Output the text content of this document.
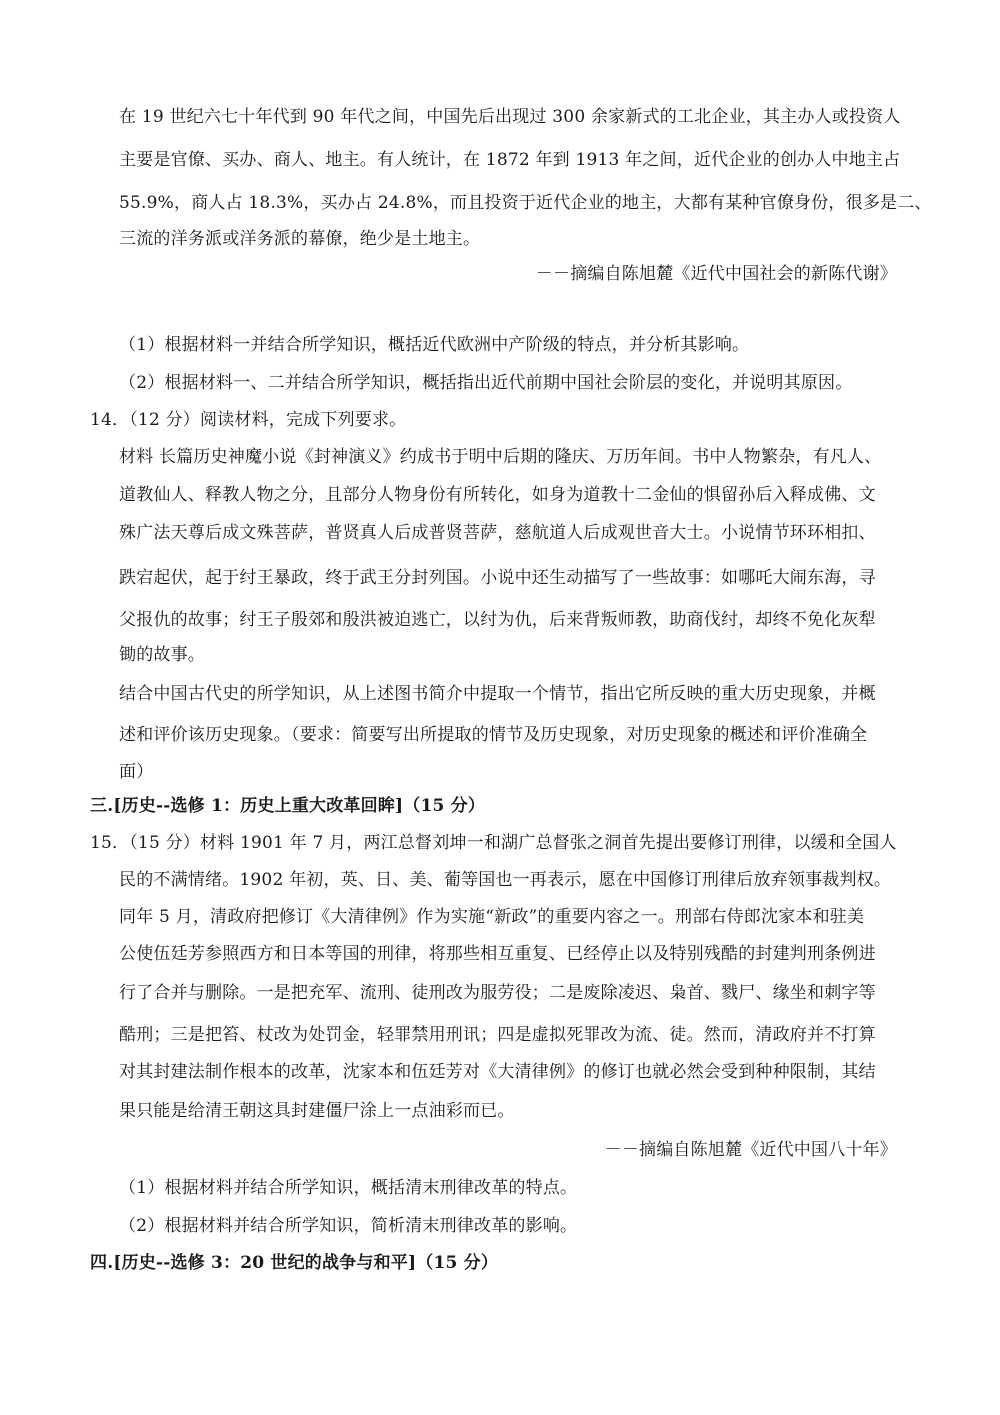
在 19 世纪六七十年代到 90 年代之间，中国先后出现过 300 余家新式的工北企业，其主办人或投资人
主要是官僚、买办、商人、地主。有人统计，在 1872 年到 1913 年之间，近代企业的创办人中地主占
55.9%，商人占 18.3%，买办占 24.8%，而且投资于近代企业的地主，大都有某种官僚身份，很多是二、
三流的洋务派或洋务派的幕僚，绝少是土地主。
－－摘编自陈旭麓《近代中国社会的新陈代谢》
（1）根据材料一并结合所学知识，概括近代欧洲中产阶级的特点，并分析其影响。
（2）根据材料一、二并结合所学知识，概括指出近代前期中国社会阶层的变化，并说明其原因。
14．（12 分）阅读材料，完成下列要求。
材料 长篇历史神魔小说《封神演义》约成书于明中后期的隆庆、万历年间。书中人物繁杂，有凡人、
道教仙人、释教人物之分，且部分人物身份有所转化，如身为道教十二金仙的惧留孙后入释成佛、文
殊广法天尊后成文殊菩萨，普贤真人后成普贤菩萨，慈航道人后成观世音大士。小说情节环环相扣、
跌宕起伏，起于纣王暴政，终于武王分封列国。小说中还生动描写了一些故事：如哪吒大闹东海，寻
父报仇的故事；纣王子殷郊和殷洪被迫逃亡，以纣为仇，后来背叛师教，助商伐纣，却终不免化灰犁
锄的故事。
结合中国古代史的所学知识，从上述图书简介中提取一个情节，指出它所反映的重大历史现象，并概
述和评价该历史现象。（要求：简要写出所提取的情节及历史现象，对历史现象的概述和评价准确全
面）
三.[历史--选修 1：历史上重大改革回眸]（15 分）
15．（15 分）材料 1901 年 7 月，两江总督刘坤一和湖广总督张之洞首先提出要修订刑律，以缓和全国人
民的不满情绪。1902 年初，英、日、美、葡等国也一再表示，愿在中国修订刑律后放弃领事裁判权。
同年 5 月，清政府把修订《大清律例》作为实施“新政”的重要内容之一。刑部右侍郎沈家本和驻美
公使伍廷芳参照西方和日本等国的刑律，将那些相互重复、已经停止以及特别残酷的封建判刑条例进
行了合并与删除。一是把充军、流刑、徒刑改为服劳役；二是废除凌迟、枭首、戮尸、缘坐和刺字等
酷刑；三是把笞、杖改为处罚金，轻罪禁用刑讯；四是虚拟死罪改为流、徒。然而，清政府并不打算
对其封建法制作根本的改革，沈家本和伍廷芳对《大清律例》的修订也就必然会受到种种限制，其结
果只能是给清王朝这具封建僵尸涂上一点油彩而已。
－－摘编自陈旭麓《近代中国八十年》
（1）根据材料并结合所学知识，概括清末刑律改革的特点。
（2）根据材料并结合所学知识，简析清末刑律改革的影响。
四.[历史--选修 3：20 世纪的战争与和平]（15 分）
